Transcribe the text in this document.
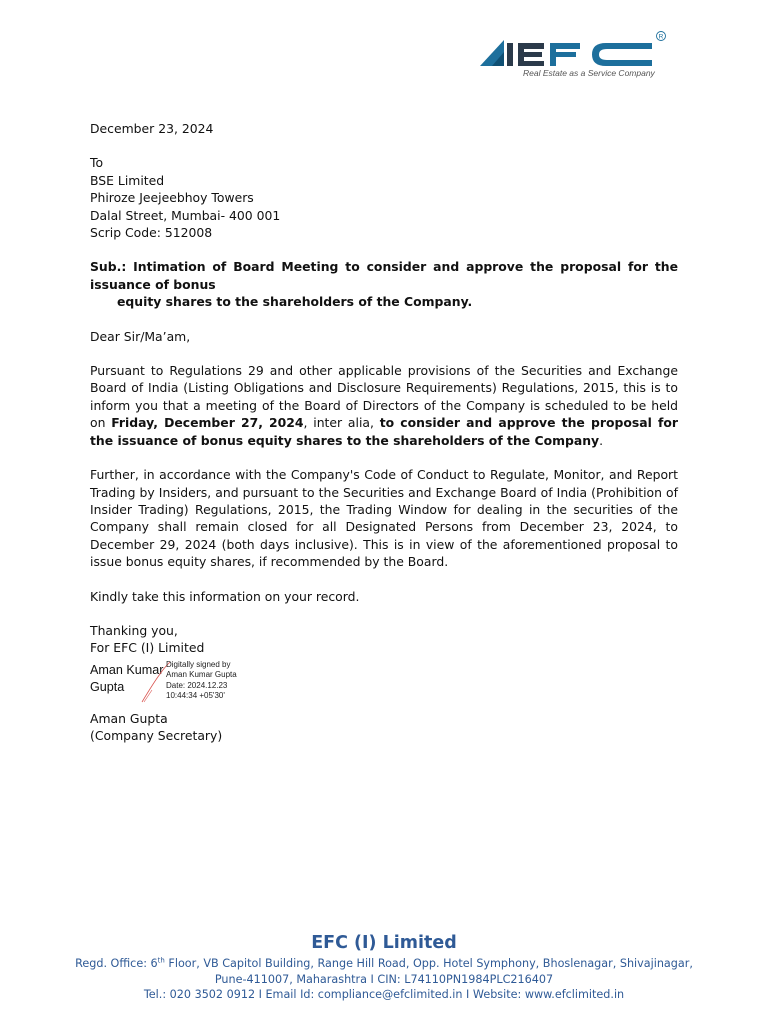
R
Real Estate as a Service Company
December 23, 2024
To
BSE Limited
Phiroze Jeejeebhoy Towers
Dalal Street, Mumbai- 400 001
Scrip Code: 512008
Sub.: Intimation of Board Meeting to consider and approve the proposal for the issuance of bonus
equity shares to the shareholders of the Company.
Dear Sir/Ma’am,
Pursuant to Regulations 29 and other applicable provisions of the Securities and Exchange Board of India (Listing Obligations and Disclosure Requirements) Regulations, 2015, this is to inform you that a meeting of the Board of Directors of the Company is scheduled to be held on Friday, December 27, 2024, inter alia, to consider and approve the proposal for the issuance of bonus equity shares to the shareholders of the Company.
Further, in accordance with the Company's Code of Conduct to Regulate, Monitor, and Report Trading by Insiders, and pursuant to the Securities and Exchange Board of India (Prohibition of Insider Trading) Regulations, 2015, the Trading Window for dealing in the securities of the Company shall remain closed for all Designated Persons from December 23, 2024, to December 29, 2024 (both days inclusive). This is in view of the aforementioned proposal to issue bonus equity shares, if recommended by the Board.
Kindly take this information on your record.
Thanking you,
For EFC (I) Limited
Aman Kumar
Gupta
Digitally signed by
Aman Kumar Gupta
Date: 2024.12.23
10:44:34 +05'30'
Aman Gupta
(Company Secretary)
EFC (I) Limited
Regd. Office: 6th Floor, VB Capitol Building, Range Hill Road, Opp. Hotel Symphony, Bhoslenagar, Shivajinagar,
Pune-411007, Maharashtra I CIN: L74110PN1984PLC216407
Tel.: 020 3502 0912 I Email Id: compliance@efclimited.in I Website: www.efclimited.in
